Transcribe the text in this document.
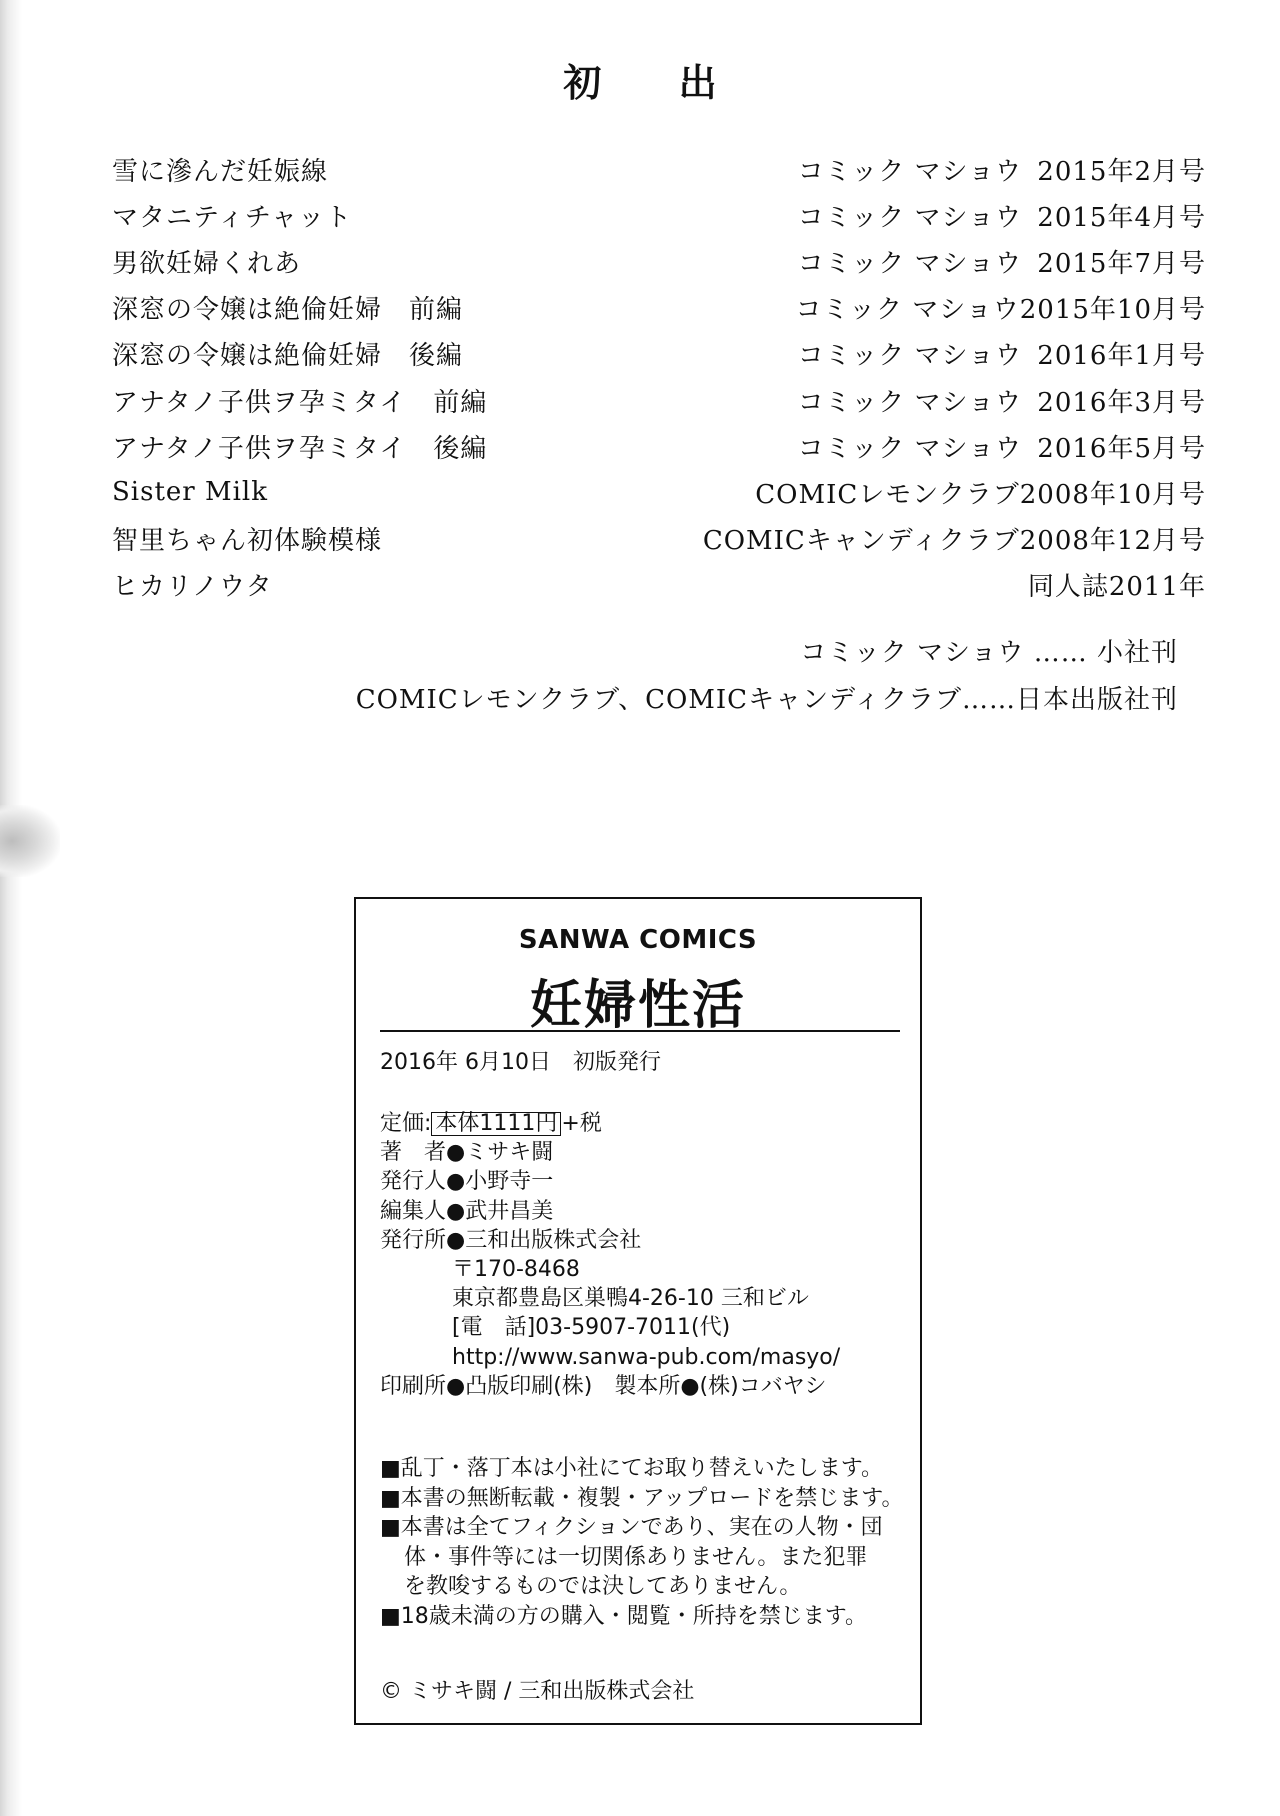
初 出
雪に滲んだ妊娠線	コミック マショウ 2015年2月号
マタニティチャット	コミック マショウ 2015年4月号
男欲妊婦くれあ	コミック マショウ 2015年7月号
深窓の令嬢は絶倫妊婦　前編	コミック マショウ2015年10月号
深窓の令嬢は絶倫妊婦　後編	コミック マショウ 2016年1月号
アナタノ子供ヲ孕ミタイ　前編	コミック マショウ 2016年3月号
アナタノ子供ヲ孕ミタイ　後編	コミック マショウ 2016年5月号
Sister Milk	COMICレモンクラブ2008年10月号
智里ちゃん初体験模様	COMICキャンディクラブ2008年12月号
ヒカリノウタ	同人誌2011年
コミック マショウ …… 小社刊
COMICレモンクラブ、COMICキャンディクラブ……日本出版社刊
SANWA COMICS
妊婦性活
2016年 6月10日　初版発行
定価: 本体1111円 +税
著　者●ミサキ闘
発行人●小野寺一
編集人●武井昌美
発行所●三和出版株式会社
〒170-8468
東京都豊島区巣鴨4-26-10 三和ビル
[電　話]03-5907-7011(代)
http://www.sanwa-pub.com/masyo/
印刷所●凸版印刷(株)　製本所●(株)コバヤシ
■乱丁・落丁本は小社にてお取り替えいたします。
■本書の無断転載・複製・アップロードを禁じます。
■本書は全てフィクションであり、実在の人物・団
体・事件等には一切関係ありません。また犯罪
を教唆するものでは決してありません。
■18歳未満の方の購入・閲覧・所持を禁じます。
© ミサキ闘 / 三和出版株式会社
